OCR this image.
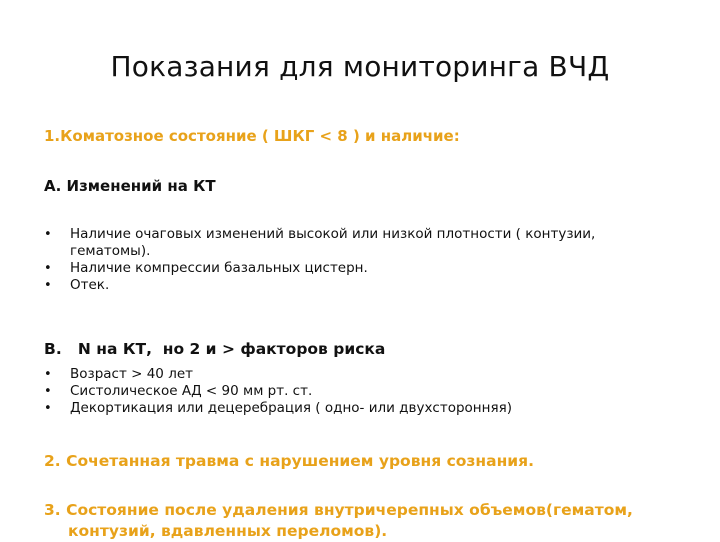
Показания для мониторинга ВЧД
1.Коматозное состояние ( ШКГ < 8 ) и наличие:
А. Изменений на КТ
• Наличие очаговых изменений высокой или низкой плотности ( контузии, гематомы).
• Наличие компрессии базальных цистерн.
• Отек.
В.   N на КТ,  но 2 и > факторов риска
• Возраст > 40 лет
• Систолическое АД < 90 мм рт. ст.
• Декортикация или децеребрация ( одно- или двухсторонняя)
2. Сочетанная травма с нарушением уровня сознания.
3. Состояние после удаления внутричерепных объемов(гематом,
контузий, вдавленных переломов).
